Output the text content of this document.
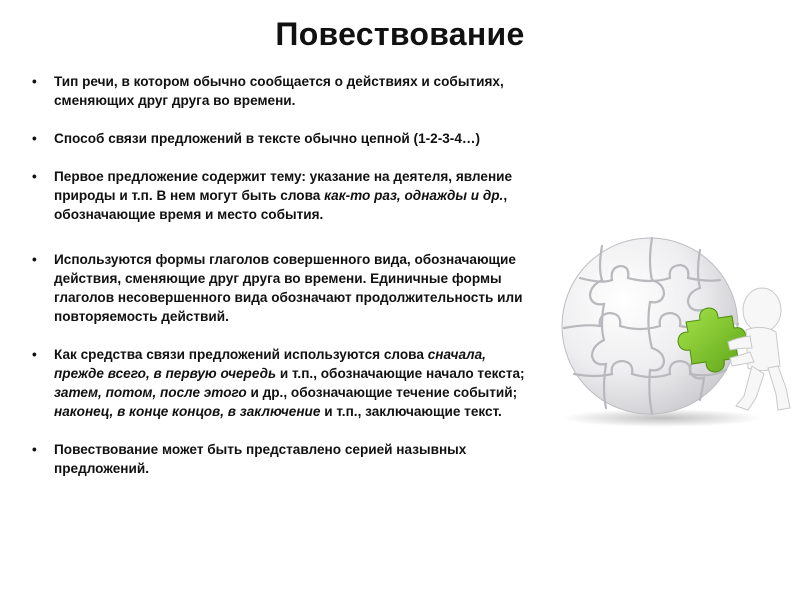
Повествование
• Тип речи, в котором обычно сообщается о действиях и событиях, сменяющих друг друга во времени.
• Способ связи предложений в тексте обычно цепной (1-2-3-4…)
• Первое предложение содержит тему: указание на деятеля, явление природы и т.п. В нем могут быть слова как-то раз, однажды и др., обозначающие время и место события.
• Используются формы глаголов совершенного вида, обозначающие действия, сменяющие друг друга во времени. Единичные формы глаголов несовершенного вида обозначают продолжительность или повторяемость действий.
• Как средства связи предложений используются слова сначала, прежде всего, в первую очередь и т.п., обозначающие начало текста; затем, потом, после этого и др., обозначающие течение событий; наконец, в конце концов, в заключение и т.п., заключающие текст.
• Повествование может быть представлено серией назывных предложений.
